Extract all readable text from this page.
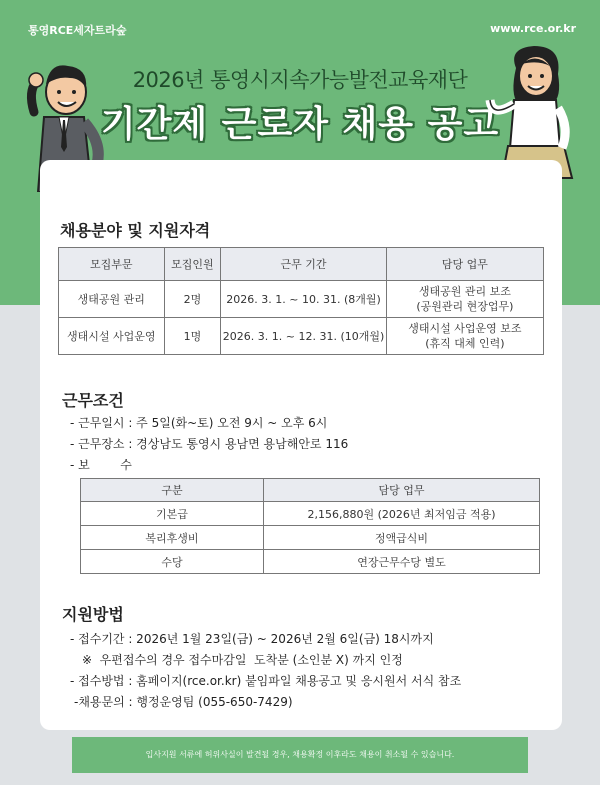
통영RCE세자트라숲	www.rce.or.kr
2026년 통영시지속가능발전교육재단
기간제 근로자 채용 공고
채용분야 및 지원자격
모집부문	모집인원	근무 기간	담당 업무
생태공원 관리	2명	2026. 3. 1. ~ 10. 31. (8개월)	생태공원 관리 보조
(공원관리 현장업무)

생태시설 사업운영	1명	2026. 3. 1. ~ 12. 31. (10개월)	생태시설 사업운영 보조
(휴직 대체 인력)
근무조건
- 근무일시 : 주 5일(화~토) 오전 9시 ~ 오후 6시
- 근무장소 : 경상남도 통영시 용남면 용남해안로 116
- 보        수
구분	담당 업무
기본급	2,156,880원 (2026년 최저임금 적용)
복리후생비	정액급식비
수당	연장근무수당 별도
지원방법
- 접수기간 : 2026년 1월 23일(금) ~ 2026년 2월 6일(금) 18시까지
※  우편접수의 경우 접수마감일  도착분 (소인분 X) 까지 인정
- 접수방법 : 홈페이지(rce.or.kr) 붙임파일 채용공고 및 응시원서 서식 참조
-채용문의 : 행정운영팀 (055-650-7429)
입사지원 서류에 허위사실이 발견될 경우, 채용확정 이후라도 채용이 취소될 수 있습니다.
